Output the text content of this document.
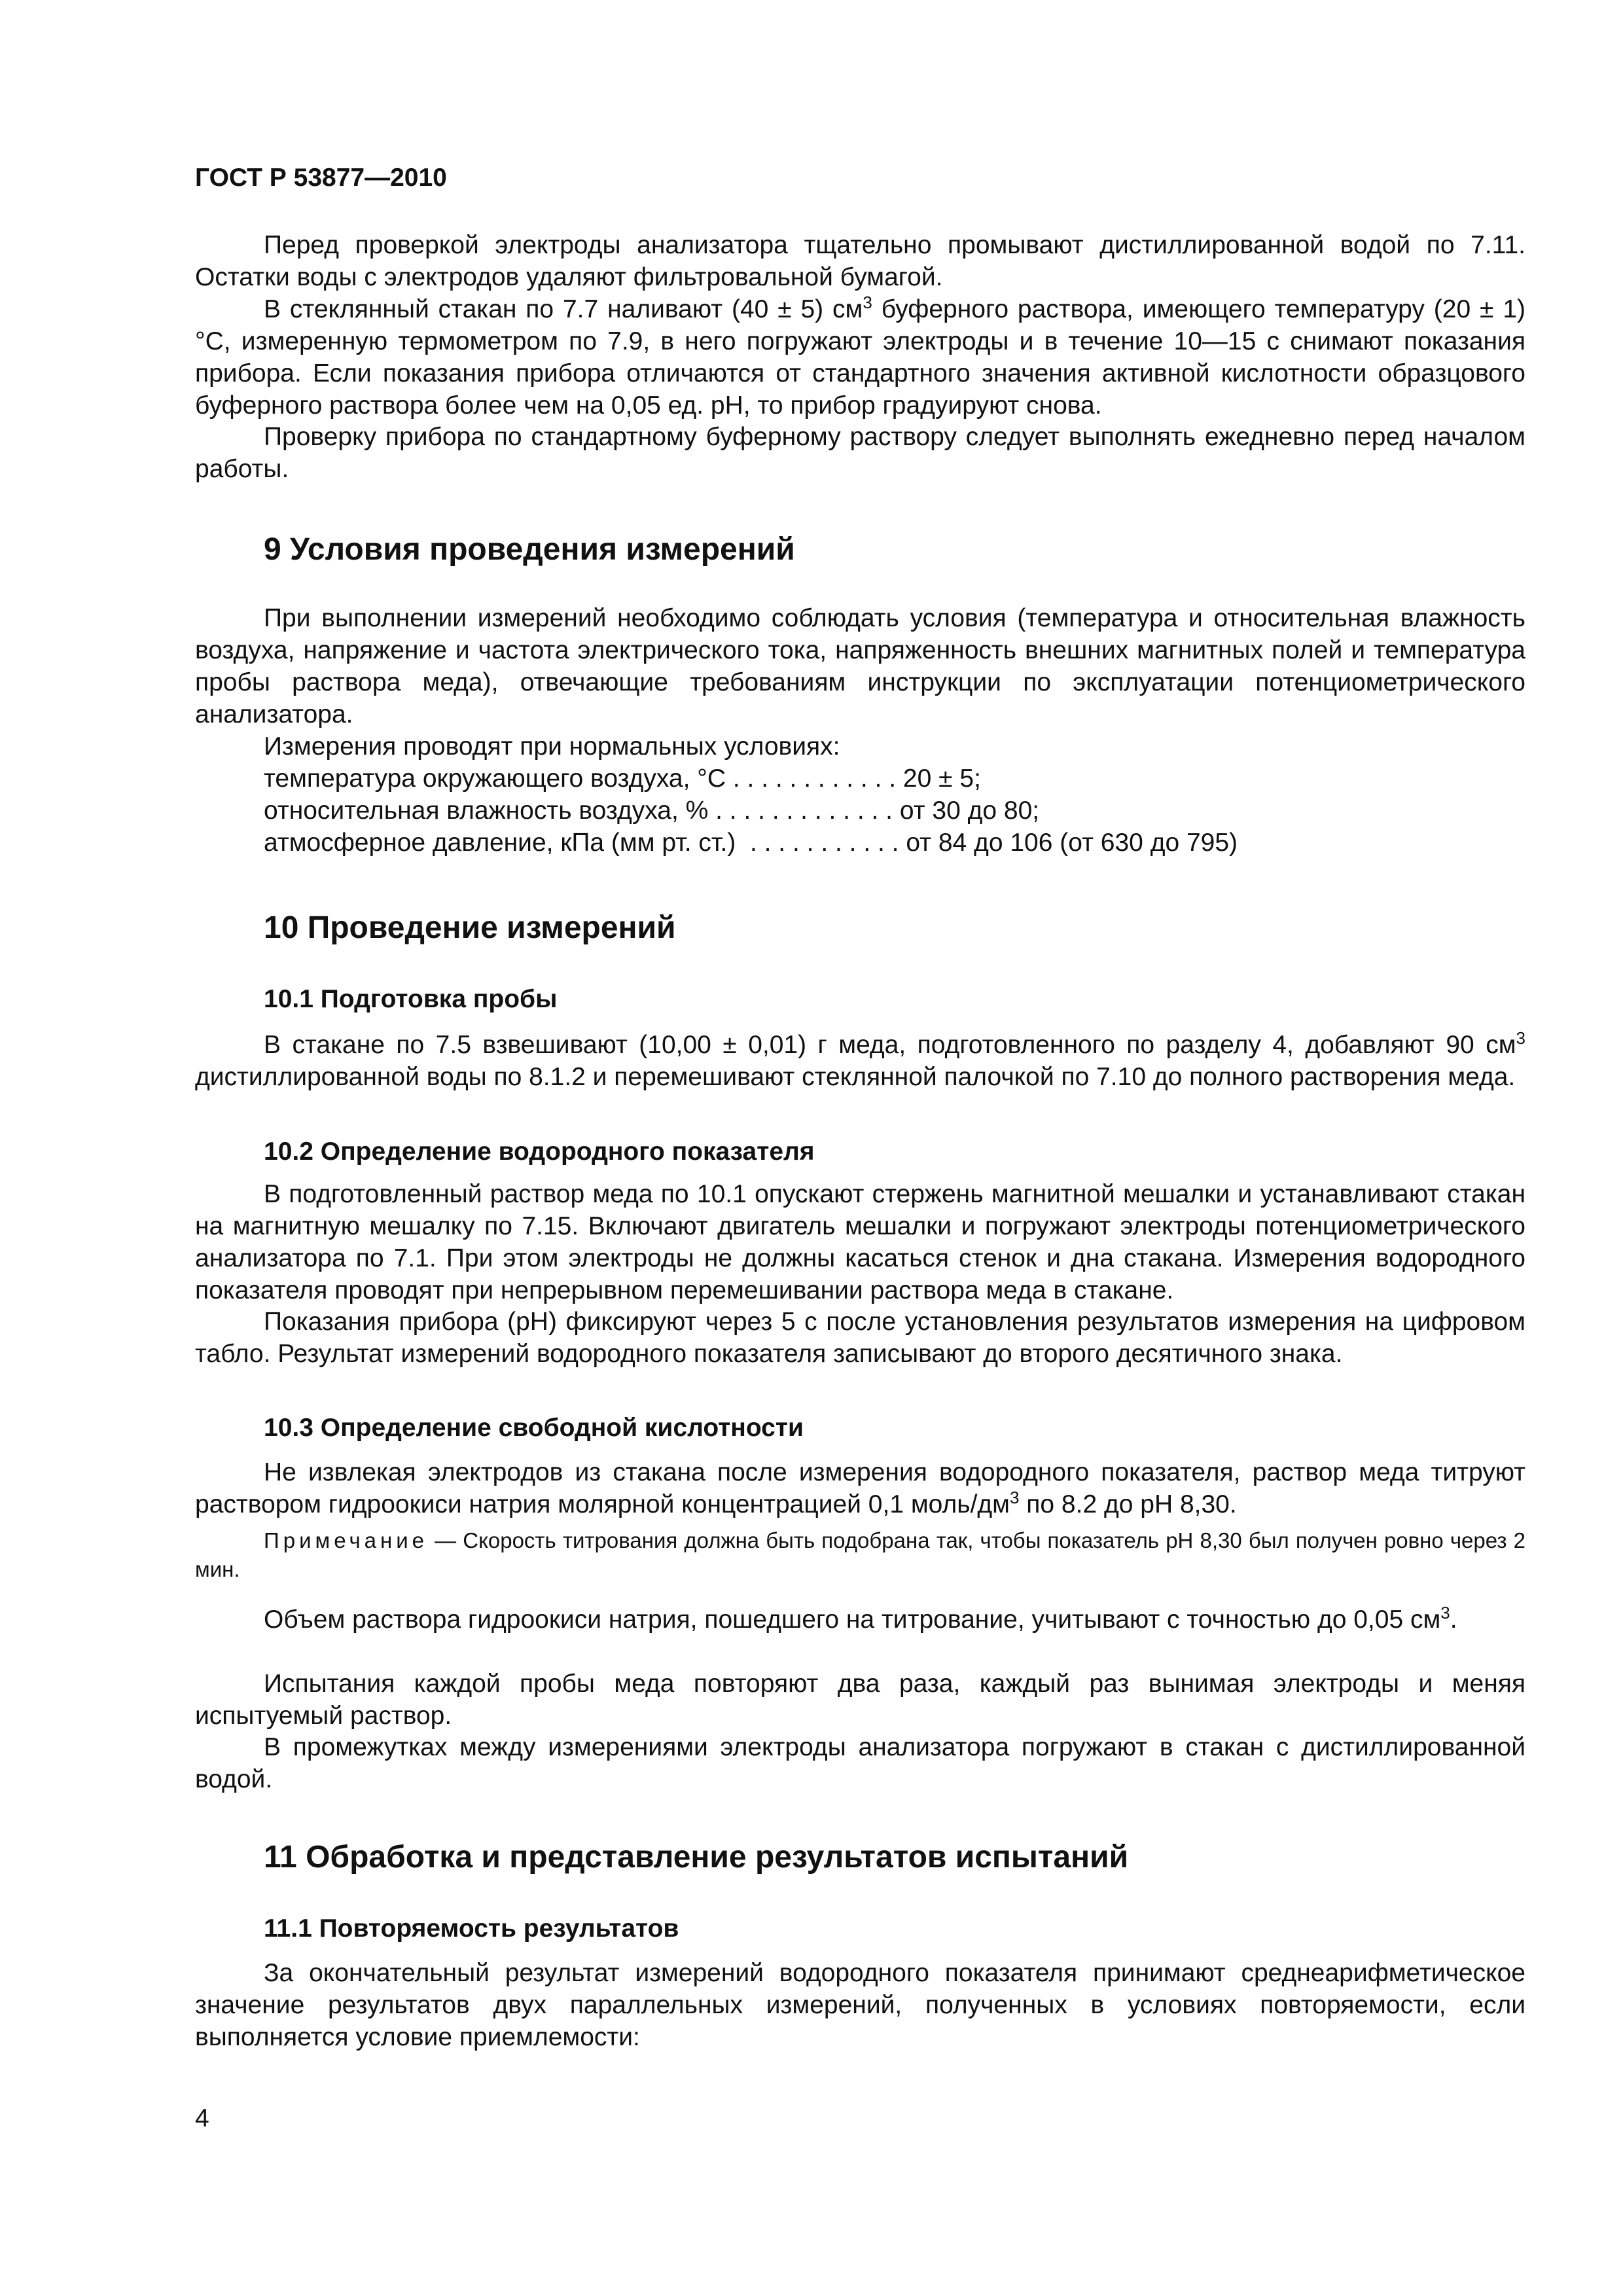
ГОСТ Р 53877—2010

Перед проверкой электроды анализатора тщательно промывают дистиллированной водой по 7.11. Остатки воды с электродов удаляют фильтровальной бумагой.

В стеклянный стакан по 7.7 наливают (40 ± 5) $см^3$ буферного раствора, имеющего температуру (20 ± 1) °С, измеренную термометром по 7.9, в него погружают электроды и в течение 10—15 с снимают показания прибора. Если показания прибора отличаются от стандартного значения активной кислотности образцового буферного раствора более чем на 0,05 ед. рН, то прибор градуируют снова.

Проверку прибора по стандартному буферному раствору следует выполнять ежедневно перед началом работы.

9 Условия проведения измерений

При выполнении измерений необходимо соблюдать условия (температура и относительная влажность воздуха, напряжение и частота электрического тока, напряженность внешних магнитных полей и температура пробы раствора меда), отвечающие требованиям инструкции по эксплуатации потенциометрического анализатора.

Измерения проводят при нормальных условиях:

температура окружающего воздуха, °С . . . . . . . . . . . . 20 ± 5;
относительная влажность воздуха, % . . . . . . . . . . . . . от 30 до 80;
атмосферное давление, кПа (мм рт. ст.)  . . . . . . . . . . . от 84 до 106 (от 630 до 795)
10 Проведение измерений
10.1 Подготовка пробы

В стакане по 7.5 взвешивают (10,00 ± 0,01) г меда, подготовленного по разделу 4, добавляют 90 $см^3$ дистиллированной воды по 8.1.2 и перемешивают стеклянной палочкой по 7.10 до полного растворения меда.

10.2 Определение водородного показателя

В подготовленный раствор меда по 10.1 опускают стержень магнитной мешалки и устанавливают стакан на магнитную мешалку по 7.15. Включают двигатель мешалки и погружают электроды потенциометрического анализатора по 7.1. При этом электроды не должны касаться стенок и дна стакана. Измерения водородного показателя проводят при непрерывном перемешивании раствора меда в стакане.

Показания прибора (рН) фиксируют через 5 с после установления результатов измерения на цифровом табло. Результат измерений водородного показателя записывают до второго десятичного знака.

10.3 Определение свободной кислотности

Не извлекая электродов из стакана после измерения водородного показателя, раствор меда титруют раствором гидроокиси натрия молярной концентрацией 0,1 моль/$дм^3$ по 8.2 до рН 8,30.

Примечание — Скорость титрования должна быть подобрана так, чтобы показатель рН 8,30 был получен ровно через 2 мин.

Объем раствора гидроокиси натрия, пошедшего на титрование, учитывают с точностью до 0,05 $см^3$.

Испытания каждой пробы меда повторяют два раза, каждый раз вынимая электроды и меняя испытуемый раствор.

В промежутках между измерениями электроды анализатора погружают в стакан с дистиллированной водой.

11 Обработка и представление результатов испытаний
11.1 Повторяемость результатов

За окончательный результат измерений водородного показателя принимают среднеарифметическое значение результатов двух параллельных измерений, полученных в условиях повторяемости, если выполняется условие приемлемости:

4
